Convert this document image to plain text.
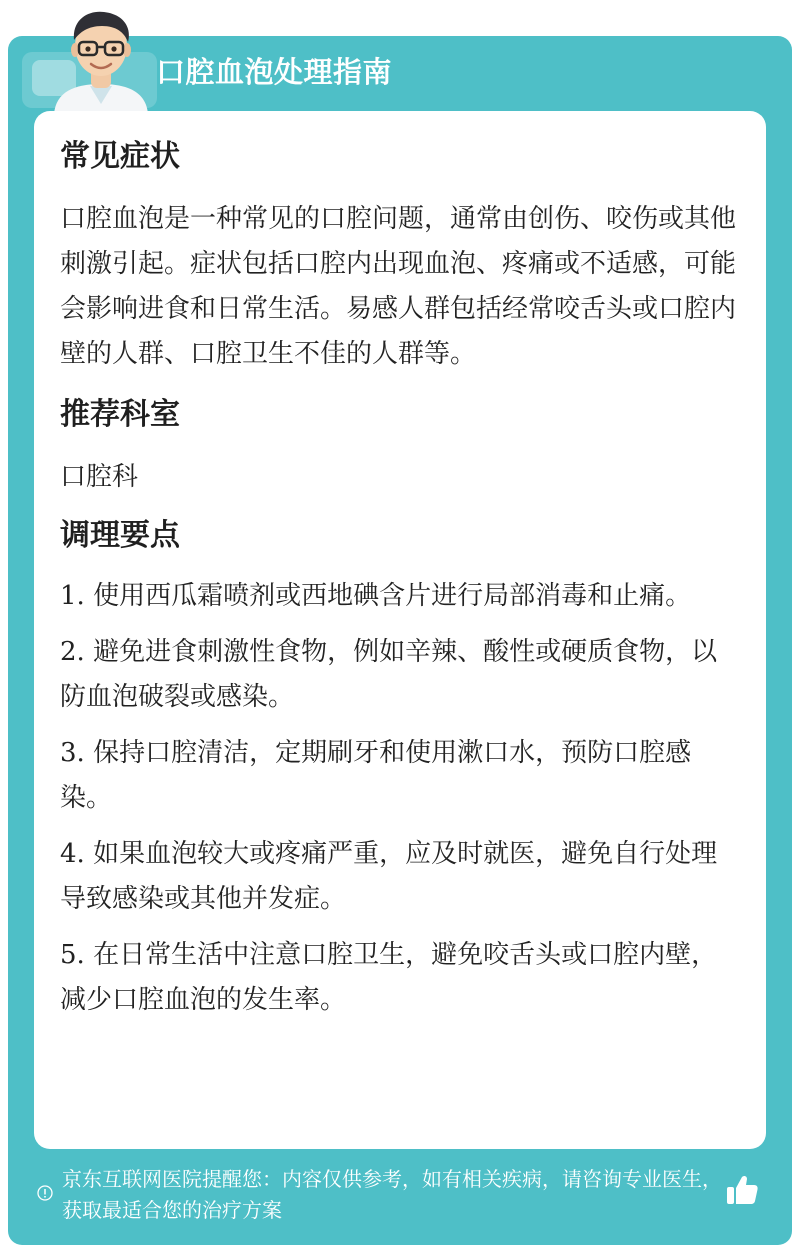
口腔血泡处理指南
常见症状

口腔血泡是一种常见的口腔问题，通常由创伤、咬伤或其他刺激引起。症状包括口腔内出现血泡、疼痛或不适感，可能会影响进食和日常生活。易感人群包括经常咬舌头或口腔内壁的人群、口腔卫生不佳的人群等。

推荐科室

口腔科

调理要点

1. 使用西瓜霜喷剂或西地碘含片进行局部消毒和止痛。

2. 避免进食刺激性食物，例如辛辣、酸性或硬质食物，以防血泡破裂或感染。

3. 保持口腔清洁，定期刷牙和使用漱口水，预防口腔感染。

4. 如果血泡较大或疼痛严重，应及时就医，避免自行处理导致感染或其他并发症。

5. 在日常生活中注意口腔卫生，避免咬舌头或口腔内壁，减少口腔血泡的发生率。

京东互联网医院提醒您：内容仅供参考，如有相关疾病，请咨询专业医生，获取最适合您的治疗方案
